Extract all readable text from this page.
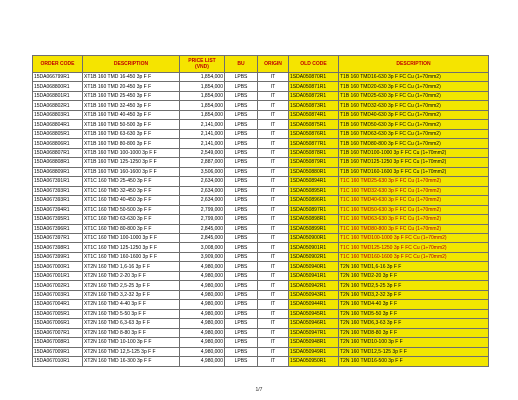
ORDER CODE	DESCRIPTION	PRICE LIST (VND)	BU	ORIGIN	OLD CODE	DESCRIPTION
15DA066799R1	XT1B 160 TMD 16-450 3p F F	1,854,000	LPBS	IT	1SDA050870R1	T1B 160 TMD16-630 3p F FC Cu (1÷70mm2)
15DA068800R1	XT1B 160 TMD 20-450 3p F F	1,854,000	LPBS	IT	1SDA050871R1	T1B 160 TMD20-630 3p F FC Cu (1÷70mm2)
15DA068801R1	XT1B 160 TMD 25-450 3p F F	1,854,000	LPBS	IT	1SDA050872R1	T1B 160 TMD25-630 3p F FC Cu (1÷70mm2)
15DA068802R1	XT1B 160 TMD 32-450 3p F F	1,854,000	LPBS	IT	1SDA050873R1	T1B 160 TMD32-630 3p F FC Cu (1÷70mm2)
15DA068803R1	XT1B 160 TMD 40-450 3p F F	1,854,000	LPBS	IT	1SDA050874R1	T1B 160 TMD40-630 3p F FC Cu (1÷70mm2)
15DA068804R1	XT1B 160 TMD 50-500 3p F F	2,141,000	LPBS	IT	1SDA050875R1	T1B 160 TMD50-630 3p F FC Cu (1÷70mm2)
15DA068805R1	XT1B 160 TMD 63-630 3p F F	2,141,000	LPBS	IT	1SDA050876R1	T1B 160 TMD63-630 3p F FC Cu (1÷70mm2)
15DA068806R1	XT1B 160 TMD 80-800 3p F F	2,141,000	LPBS	IT	1SDA050877R1	T1B 160 TMD80-800 3p F FC Cu (1÷70mm2)
15DA068807R1	XT1B 160 TMD 100-1000 3p F F	2,549,000	LPBS	IT	1SDA050878R1	T1B 160 TMD100-1000 3p F FC Cu (1÷70mm2)
15DA068808R1	XT1B 160 TMD 125-1250 3p F F	2,887,000	LPBS	IT	1SDA050879R1	T1B 160 TMD125-1250 3p F FC Cu (1÷70mm2)
15DA068809R1	XT1B 160 TMD 160-1600 3p F F	3,506,000	LPBS	IT	1SDA050880R1	T1B 160 TMD160-1600 3p F FC Cu (1÷70mm2)
15DA067391R1	XT1C 160 TMD 25-450 3p F F	2,634,000	LPBS	IT	1SDA050894R1	T1C 160 TMD25-630 3p F FC Cu (1÷70mm2)
15DA067393R1	XT1C 160 TMD 32-450 3p F F	2,634,000	LPBS	IT	1SDA050895R1	T1C 160 TMD32-630 3p F FC Cu (1÷70mm2)
15DA067393R1	XT1C 160 TMD 40-450 3p F F	2,634,000	LPBS	IT	1SDA050896R1	T1C 160 TMD40-630 3p F FC Cu (1÷70mm2)
15DA067394R1	XT1C 160 TMD 50-500 3p F F	2,799,000	LPBS	IT	1SDA050897R1	T1C 160 TMD50-630 3p F FC Cu (1÷70mm2)
15DA067395R1	XT1C 160 TMD 63-630 3p F F	2,799,000	LPBS	IT	1SDA050898R1	T1C 160 TMD63-630 3p F FC Cu (1÷70mm2)
15DA067396R1	XT1C 160 TMD 80-800 3p F F	2,845,000	LPBS	IT	1SDA050899R1	T1C 160 TMD80-800 3p F FC Cu (1÷70mm2)
15DA067397R1	XT1C 160 TMD 100-1000 3p F F	2,845,000	LPBS	IT	1SDA050900R1	T1C 160 TMD100-1000 3p F FC Cu (1÷70mm2)
15DA067398R1	XT1C 160 TMD 125-1250 3p F F	3,008,000	LPBS	IT	1SDA050901R1	T1C 160 TMD125-1250 3p F FC Cu (1÷70mm2)
15DA067399R1	XT1C 160 TMD 160-1600 3p F F	3,909,000	LPBS	IT	1SDA050902R1	T1C 160 TMD160-1600 3p F FC Cu (1÷70mm2)
15DA067000R1	XT2N 160 TMD 1,6-16 3p F F	4,980,000	LPBS	IT	1SDA050940R1	T2N 160 TMD1,6-16 3p F F
15DA067001R1	XT2N 160 TMD 2-20 3p F F	4,980,000	LPBS	IT	1SDA050941R1	T2N 160 TMD2-20 3p F F
15DA067002R1	XT2N 160 TMD 2,5-25 3p F F	4,980,000	LPBS	IT	1SDA050942R1	T2N 160 TMD2,5-25 3p F F
15DA067003R1	XT2N 160 TMD 3,2-32 3p F F	4,980,000	LPBS	IT	1SDA050943R1	T2N 160 TMD3,2-32 3p F F
15DA067004R1	XT2N 160 TMD 4-40 3p F F	4,980,000	LPBS	IT	1SDA050944R1	T2N 160 TMD4-40 3p F F
15DA067005R1	XT2N 160 TMD 5-50 3p F F	4,980,000	LPBS	IT	1SDA050945R1	T2N 160 TMD5-50 3p F F
15DA067006R1	XT2N 160 TMD 6,3-63 3p F F	4,980,000	LPBS	IT	1SDA050946R1	T2N 160 TMD6,3-63 3p F F
15DA067007R1	XT2N 160 TMD 8-80 3p F F	4,980,000	LPBS	IT	1SDA050947R1	T2N 160 TMD8-80 3p F F
15DA067008R1	XT2N 160 TMD 10-100 3p F F	4,980,000	LPBS	IT	1SDA050948R1	T2N 160 TMD10-100 3p F F
15DA067009R1	XT2N 160 TMD 12,5-125 3p F F	4,980,000	LPBS	IT	1SDA050949R1	T2N 160 TMD12,5-125 3p F F
15DA067010R1	XT2N 160 TMD 16-300 3p F F	4,980,000	LPBS	IT	1SDA050950R1	T2N 160 TMD16-500 3p F F
1/7
